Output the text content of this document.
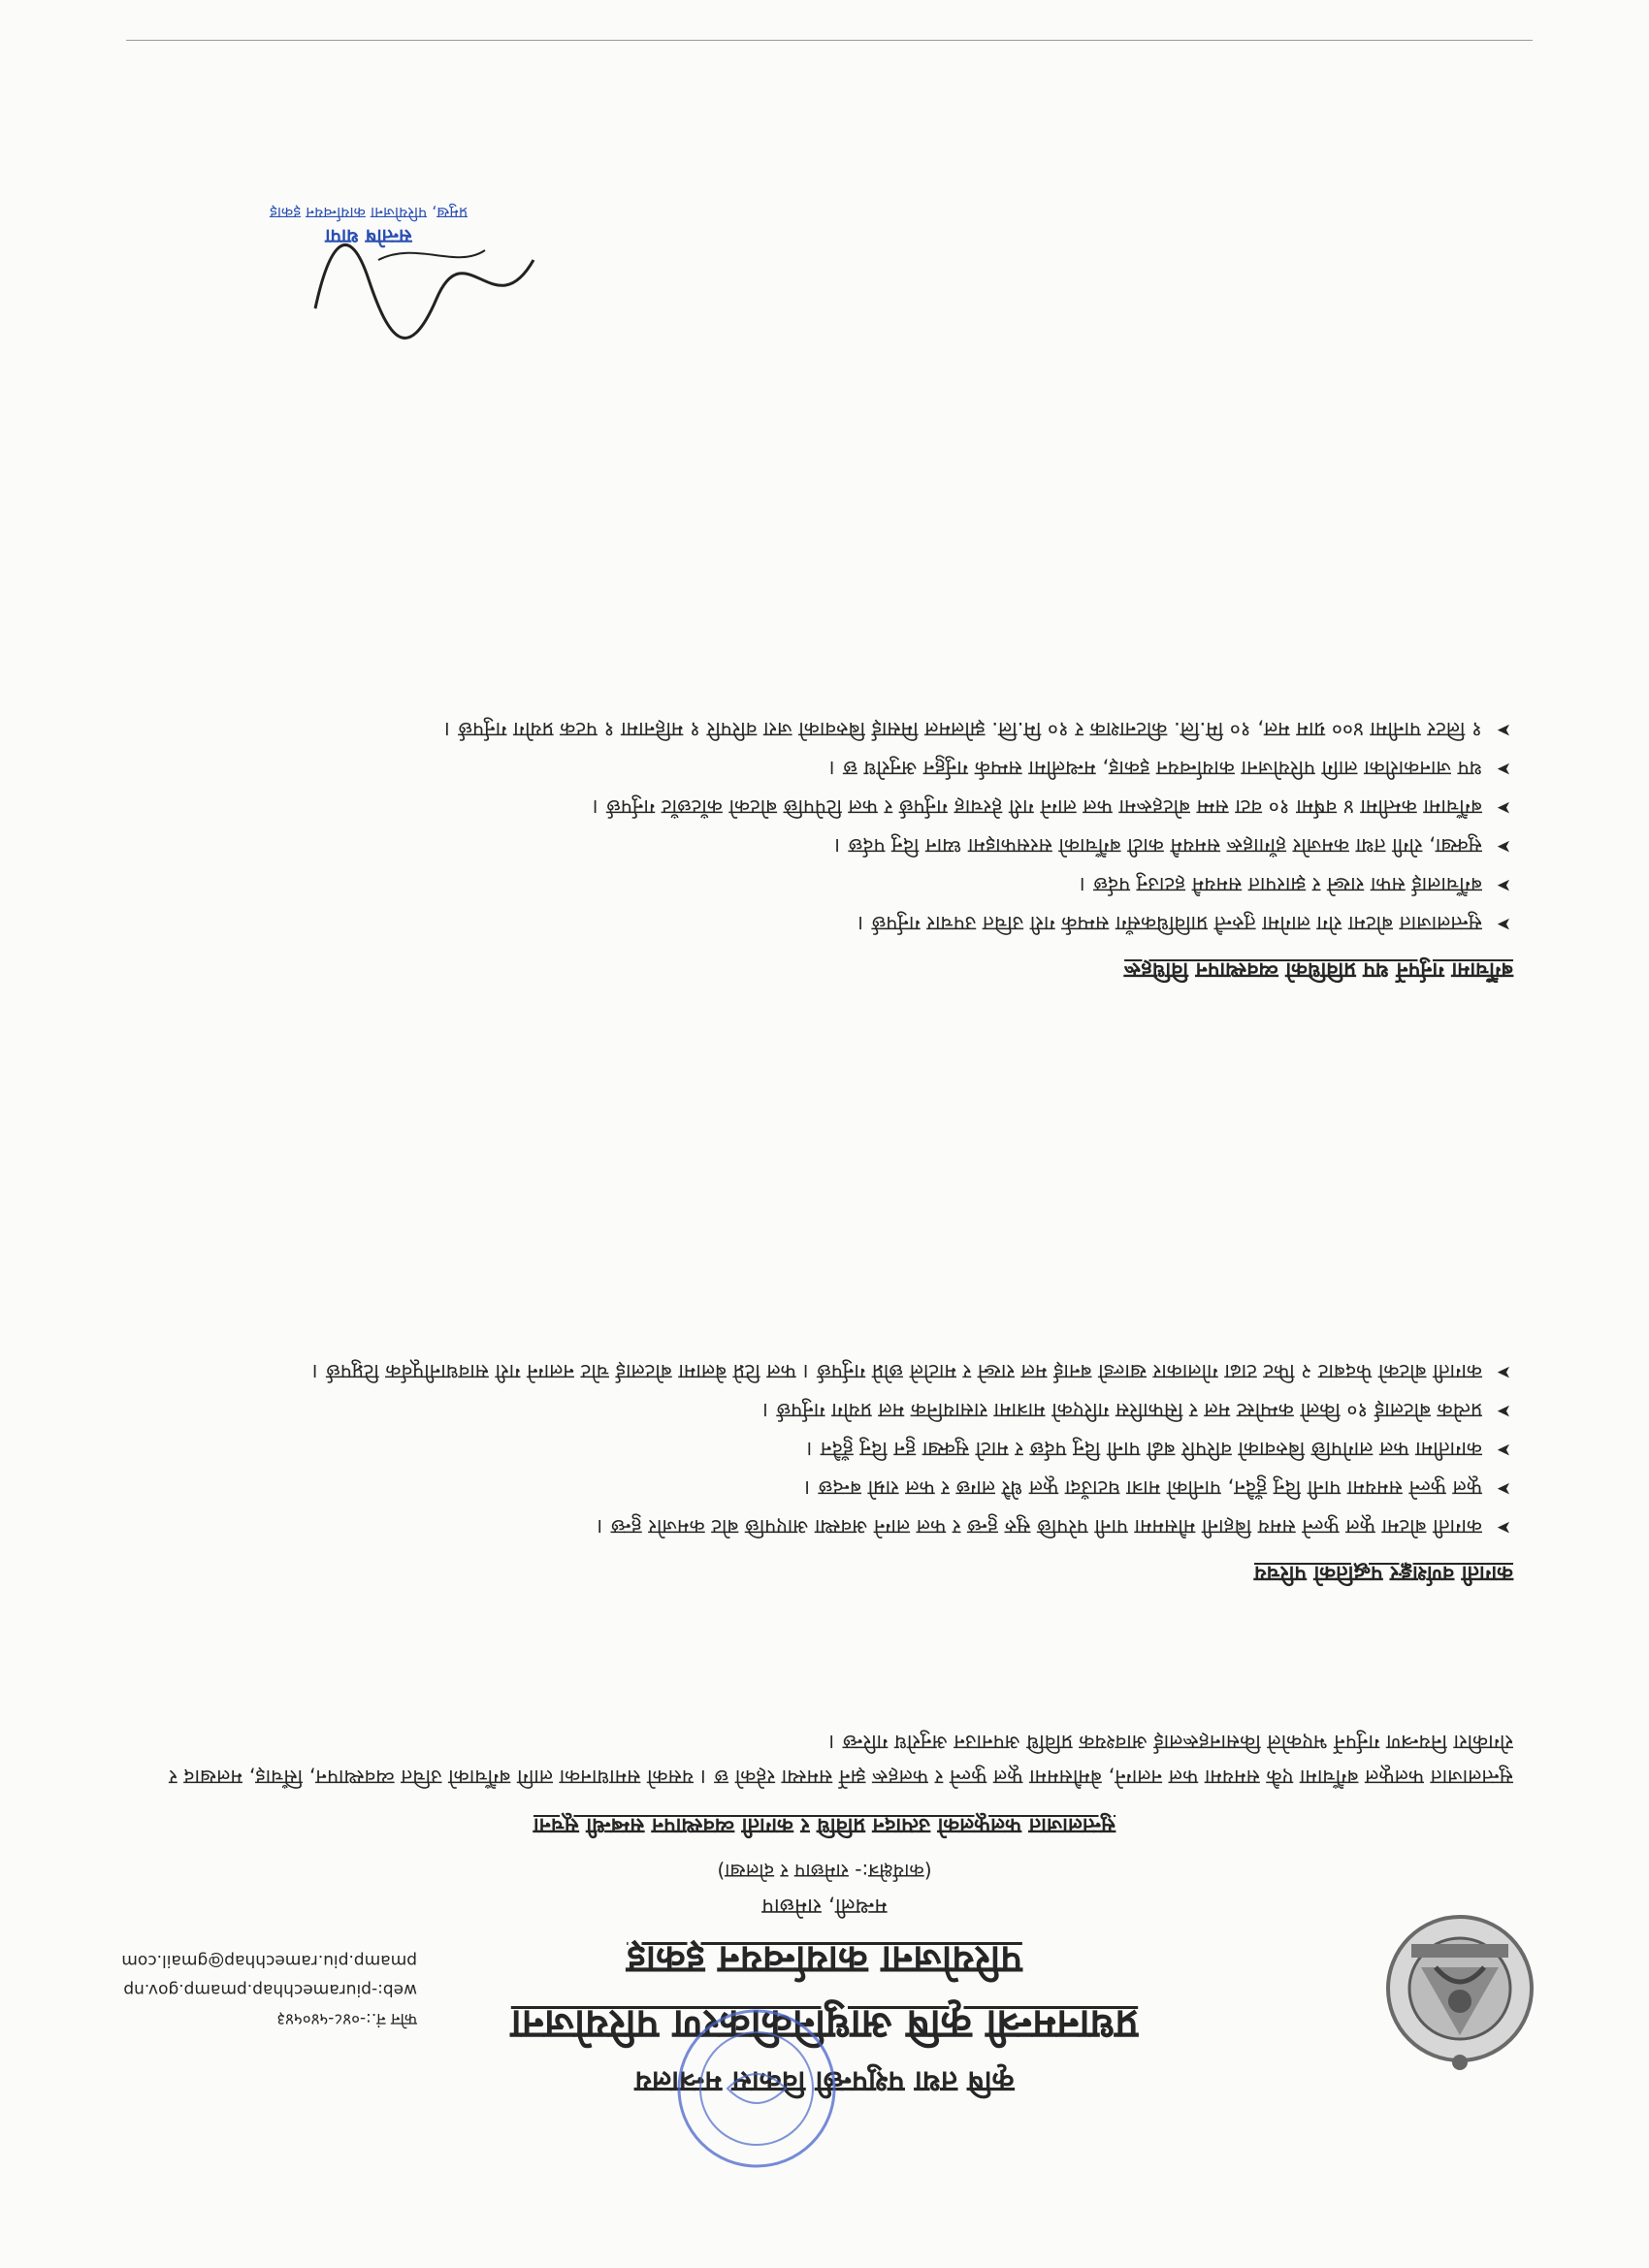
कृषि तथा पशुपन्छी विकास मन्त्रालय

प्रधानमन्त्री कृषि आधुनिकीकरण परियोजना

परियोजना कार्यान्वयन इकाइ

मन्थली, रामेछाप

(कार्यक्षेत्र:- रामेछाप र दोलखा)

फोन नं.:-०४८-५४०५४३
web:-piuramechhap.pmamp.gov.np
pmamp.piu.ramechhap@gmail.com
सुन्तलाजात फलफूलको उत्पादन प्रविधि र कागती व्यवस्थापन सम्बन्धी सूचना
सुन्तलाजात फलफूल बगैँचामा एकै समयमा फल नलाग्ने, बेमौसममा फूल फुल्ने र फलहरू झर्ने समस्या रहेको छ । यसको समाधानका लागि बगैँचाको उचित व्यवस्थापन, सिँचाइ, मलखाद र रोगकीरा नियन्त्रण गर्नुपर्ने भएकोले किसानहरूलाई आवश्यक प्रविधि अपनाउन अनुरोध गरिन्छ ।
कागती वर्णशङ्कर पद्धतिको परिचय
➤ कागती बोटमा फूल फुल्ने समय बिहानी मौसममा पानी परेपछि सुरु हुन्छ र फल लाग्ने अवस्था आएपछि बोट कमजोर हुन्छ ।
➤ फूल फुल्ने समयमा पानी दिनु हुँदैन, पानीको मात्रा घटाउँदा फूल धेरै लाग्छ र फल राम्रो बन्दछ ।
➤ कागतीमा फल लागेपछि बिरुवाको वरिपरि बढी पानी दिनु पर्दछ र माटो सुक्खा हुन दिनु हुँदैन ।
➤ प्रत्येक बोटलाई १० किलो कम्पोस्ट मल र सिफारिस गरिएको मात्रामा रासायनिक मल प्रयोग गर्नुपर्छ ।
➤ कागती बोटको फेदबाट २ फिट टाढा गोलाकार खाल्डो बनाई मल राख्ने र माटोले छोप्ने गर्नुपर्छ । फल टिप्ने बेलामा बोटलाई चोट नलाग्ने गरी सावधानीपूर्वक टिप्नुपर्छ ।
बगैँचामा गर्नुपर्ने थप प्रविधिको व्यवस्थापन विधिहरू
➤ सुन्तलाजात बोटमा रोग लागेमा तुरुन्तै प्राविधिकसँग सम्पर्क गरी उचित उपचार गर्नुपर्छ ।
➤ बगैँचालाई सफा राख्ने र झारपात समयमै हटाउनु पर्दछ ।
➤ सुक्खा, रोगी तथा कमजोर हाँगाहरू समयमै काटी बगैँचाको सरसफाइमा ध्यान दिनु पर्दछ ।
➤ बगैँचामा कम्तीमा ४ वर्षमा १० वटा सम्म बोटहरूमा फल लाग्ने गरी हेरचाह गर्नुपर्छ र फल टिपेपछि बोटको काँटछाँट गर्नुपर्छ ।
➤ थप जानकारीका लागि परियोजना कार्यान्वयन इकाइ, मन्थलीमा सम्पर्क गर्नुहुन अनुरोध छ ।
➤ १ लिटर पानीमा ४०० ग्राम मल, १० मि.लि. कीटनाशक र १० मि.लि. झोलमल मिसाई बिरुवाको जरा वरिपरि १ महिनामा १ पटक प्रयोग गर्नुपर्छ ।
सन्तोष थापा
प्रमुख, परियोजना कार्यान्वयन इकाइ
